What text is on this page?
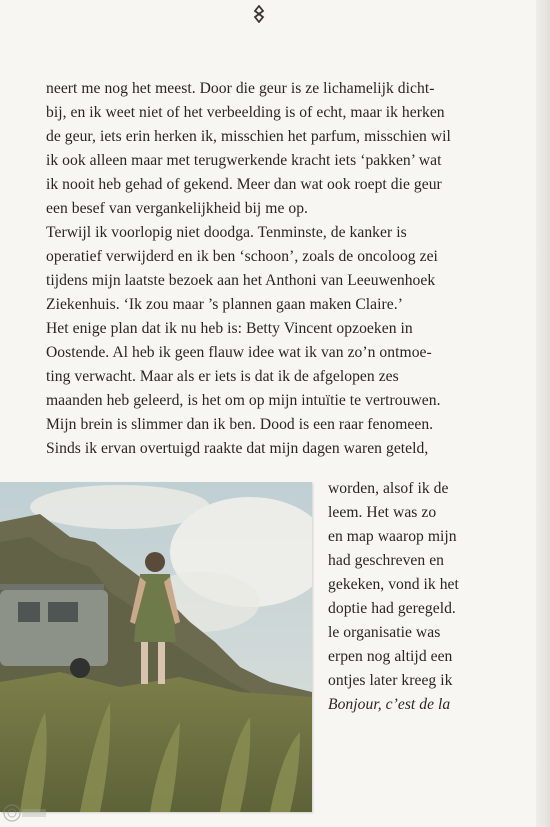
neert me nog het meest. Door die geur is ze lichamelijk dicht-
bij, en ik weet niet of het verbeelding is of echt, maar ik herken
de geur, iets erin herken ik, misschien het parfum, misschien wil
ik ook alleen maar met terugwerkende kracht iets ‘pakken’ wat
ik nooit heb gehad of gekend. Meer dan wat ook roept die geur
een besef van vergankelijkheid bij me op.
Terwijl ik voorlopig niet doodga. Tenminste, de kanker is
operatief verwijderd en ik ben ‘schoon’, zoals de oncoloog zei
tijdens mijn laatste bezoek aan het Anthoni van Leeuwenhoek
Ziekenhuis. ‘Ik zou maar ’s plannen gaan maken Claire.’
Het enige plan dat ik nu heb is: Betty Vincent opzoeken in
Oostende. Al heb ik geen flauw idee wat ik van zo’n ontmoe-
ting verwacht. Maar als er iets is dat ik de afgelopen zes
maanden heb geleerd, is het om op mijn intuïtie te vertrouwen.
Mijn brein is slimmer dan ik ben. Dood is een raar fenomeen.
Sinds ik ervan overtuigd raakte dat mijn dagen waren geteld,
worden, alsof ik de
leem. Het was zo
en map waarop mijn
had geschreven en
gekeken, vond ik het
doptie had geregeld.
le organisatie was
erpen nog altijd een
ontjes later kreeg ik
Bonjour, c’est de la
